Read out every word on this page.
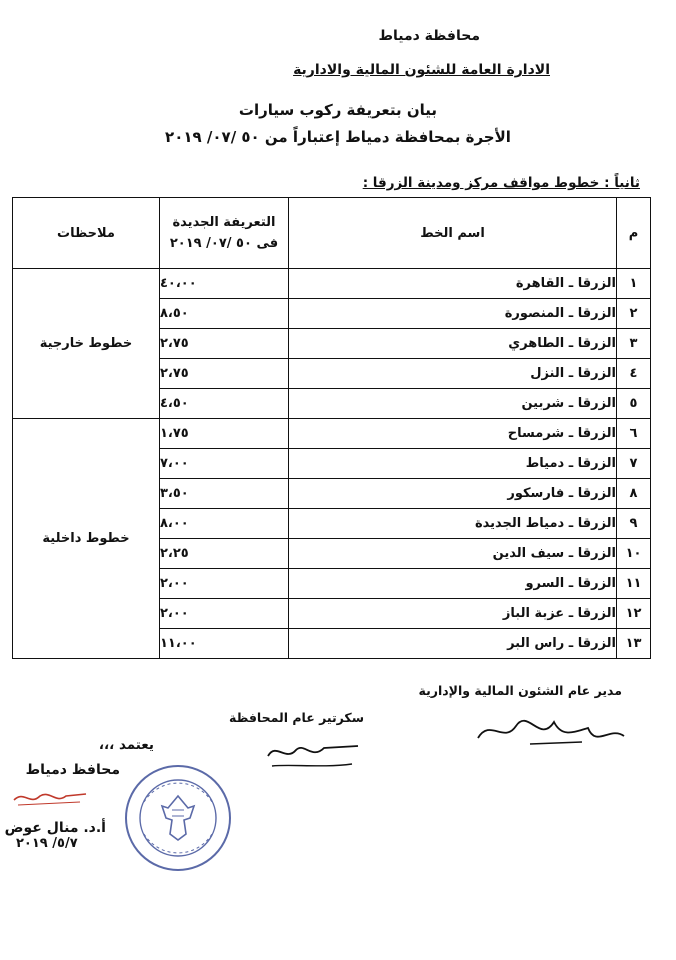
محافظة دمياط
الادارة العامة للشئون المالية والادارية
بيان بتعريفة ركوب سيارات
الأجرة بمحافظة دمياط إعتباراً من ٥٠ /٠٧/ ٢٠١٩
ثانياً : خطوط مواقف مركز ومدينة الزرقا :
م	اسم الخط	التعريفة الجديدة
فى ٥٠ /٠٧/ ٢٠١٩	ملاحظات
١	الزرقا ـ القاهرة	٤٠،٠٠	خطوط خارجية
٢	الزرقا ـ المنصورة	٨،٥٠	
٣	الزرقا ـ الطاهري	٢،٧٥	
٤	الزرقا ـ النزل	٢،٧٥	
٥	الزرقا ـ شربين	٤،٥٠	
٦	الزرقا ـ شرمساح	١،٧٥	خطوط داخلية
٧	الزرقا ـ دمياط	٧،٠٠	
٨	الزرقا ـ فارسكور	٣،٥٠	
٩	الزرقا ـ دمياط الجديدة	٨،٠٠	
١٠	الزرقا ـ سيف الدين	٢،٢٥	
١١	الزرقا ـ السرو	٢،٠٠	
١٢	الزرقا ـ عزبة الباز	٢،٠٠	
١٣	الزرقا ـ راس البر	١١،٠٠	
مدير عام الشئون المالية والإدارية
سكرتير عام المحافظة
يعتمد ،،،
محافظ دمياط
أ.د. منال عوض
٥/٧/ ٢٠١٩
